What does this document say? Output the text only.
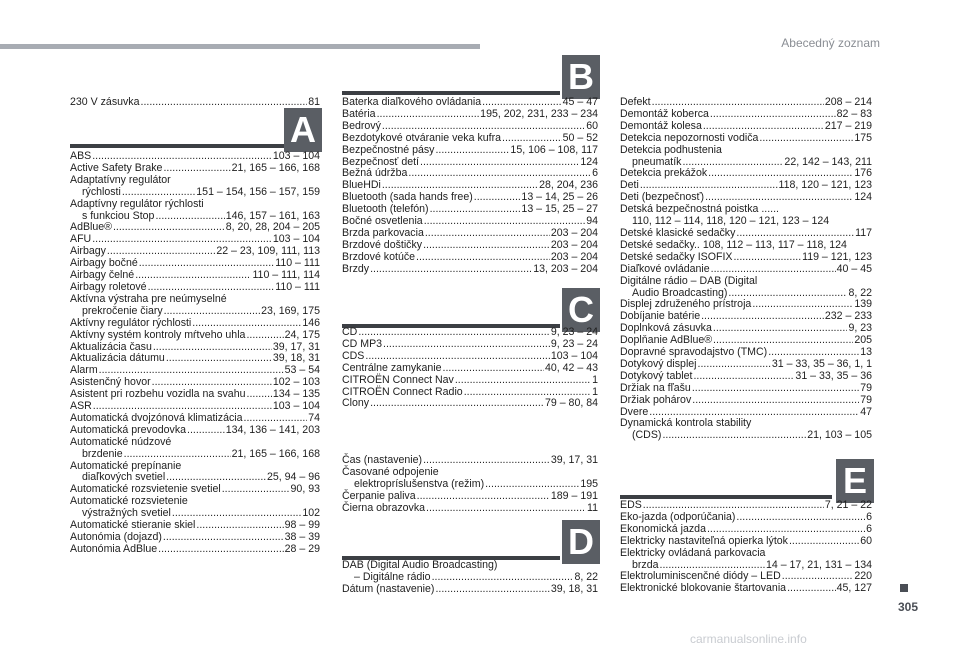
Abecedný zoznam
230 V zásuvka .....	81
A
ABS .....	103 – 104
Active Safety Brake .....	21, 165 – 166, 168
Adaptatívny regulátor
rýchlosti .....	151 – 154, 156 – 157, 159
Adaptívny regulátor rýchlosti
s funkciou Stop .....	146, 157 – 161, 163
AdBlue® .....	8, 20, 28, 204 – 205
AFU .....	103 – 104
Airbagy .....	22 – 23, 109, 111, 113
Airbagy bočné .....	110 – 111
Airbagy čelné .....	110 – 111, 114
Airbagy roletové .....	110 – 111
Aktívna výstraha pre neúmyselné
prekročenie čiary .....	23, 169, 175
Aktívny regulátor rýchlosti .....	146
Aktívny systém kontroly mŕtveho uhla .....	24, 175
Aktualizácia času .....	39, 17, 31
Aktualizácia dátumu .....	39, 18, 31
Alarm .....	53 – 54
Asistenčný hovor .....	102 – 103
Asistent pri rozbehu vozidla na svahu .....	134 – 135
ASR .....	103 – 104
Automatická dvojzónová klimatizácia .....	74
Automatická prevodovka .....	134, 136 – 141, 203
Automatické núdzové
brzdenie .....	21, 165 – 166, 168
Automatické prepínanie
diaľkových svetiel .....	25, 94 – 96
Automatické rozsvietenie svetiel .....	90, 93
Automatické rozsvietenie
výstražných svetiel .....	102
Automatické stieranie skiel .....	98 – 99
Autonómia (dojazd) .....	38 – 39
Autonómia AdBlue .....	28 – 29
B
Baterka diaľkového ovládania .....	45 – 47
Batéria .....	195, 202, 231, 233 – 234
Bedrový .....	60
Bezdotykové otváranie veka kufra .....	50 – 52
Bezpečnostné pásy .....	15, 106 – 108, 117
Bezpečnosť detí .....	124
Bežná údržba .....	6
BlueHDi .....	28, 204, 236
Bluetooth (sada hands free) .....	13 – 14, 25 – 26
Bluetooth (telefón) .....	13 – 15, 25 – 27
Bočné osvetlenia .....	94
Brzda parkovacia .....	203 – 204
Brzdové doštičky .....	203 – 204
Brzdové kotúče .....	203 – 204
Brzdy .....	13, 203 – 204
C
CD .....	9, 23 – 24
CD MP3 .....	9, 23 – 24
CDS .....	103 – 104
Centrálne zamykanie .....	40, 42 – 43
CITROËN Connect Nav .....	1
CITROËN Connect Radio .....	1
Clony .....	79 – 80, 84
Čas (nastavenie) .....	39, 17, 31
Časované odpojenie
elektropríslušenstva (režim) .....	195
Čerpanie paliva .....	189 – 191
Čierna obrazovka .....	11
D
DAB (Digital Audio Broadcasting)
– Digitálne rádio .....	8, 22
Dátum (nastavenie) .....	39, 18, 31
Defekt .....	208 – 214
Demontáž koberca .....	82 – 83
Demontáž kolesa .....	217 – 219
Detekcia nepozornosti vodiča .....	175
Detekcia podhustenia
pneumatík .....	22, 142 – 143, 211
Detekcia prekážok .....	176
Deti .....	118, 120 – 121, 123
Deti (bezpečnosť) .....	124
Detská bezpečnostná poistka ......
110, 112 – 114, 118, 120 – 121, 123 – 124
Detské klasické sedačky .....	117
Detské sedačky.. 108, 112 – 113, 117 – 118, 124
Detské sedačky ISOFIX .....	119 – 121, 123
Diaľkové ovládanie .....	40 – 45
Digitálne rádio – DAB (Digital
Audio Broadcasting) .....	8, 22
Displej združeného prístroja .....	139
Dobíjanie batérie .....	232 – 233
Doplnková zásuvka .....	9, 23
Doplňanie AdBlue® .....	205
Dopravné spravodajstvo (TMC) .....	13
Dotykový displej .....	31 – 33, 35 – 36, 1, 1
Dotykový tablet .....	31 – 33, 35 – 36
Držiak na fľašu .....	79
Držiak pohárov .....	79
Dvere .....	47
Dynamická kontrola stability
(CDS) .....	21, 103 – 105
E
EDS .....	7, 21 – 22
Eko-jazda (odporúčania) .....	6
Ekonomická jazda .....	6
Elektricky nastaviteľná opierka lýtok .....	60
Elektricky ovládaná parkovacia
brzda .....	14 – 17, 21, 131 – 134
Elektroluminiscenčné diódy – LED .....	220
Elektronické blokovanie štartovania .....	45, 127
305
carmanualsonline.info
